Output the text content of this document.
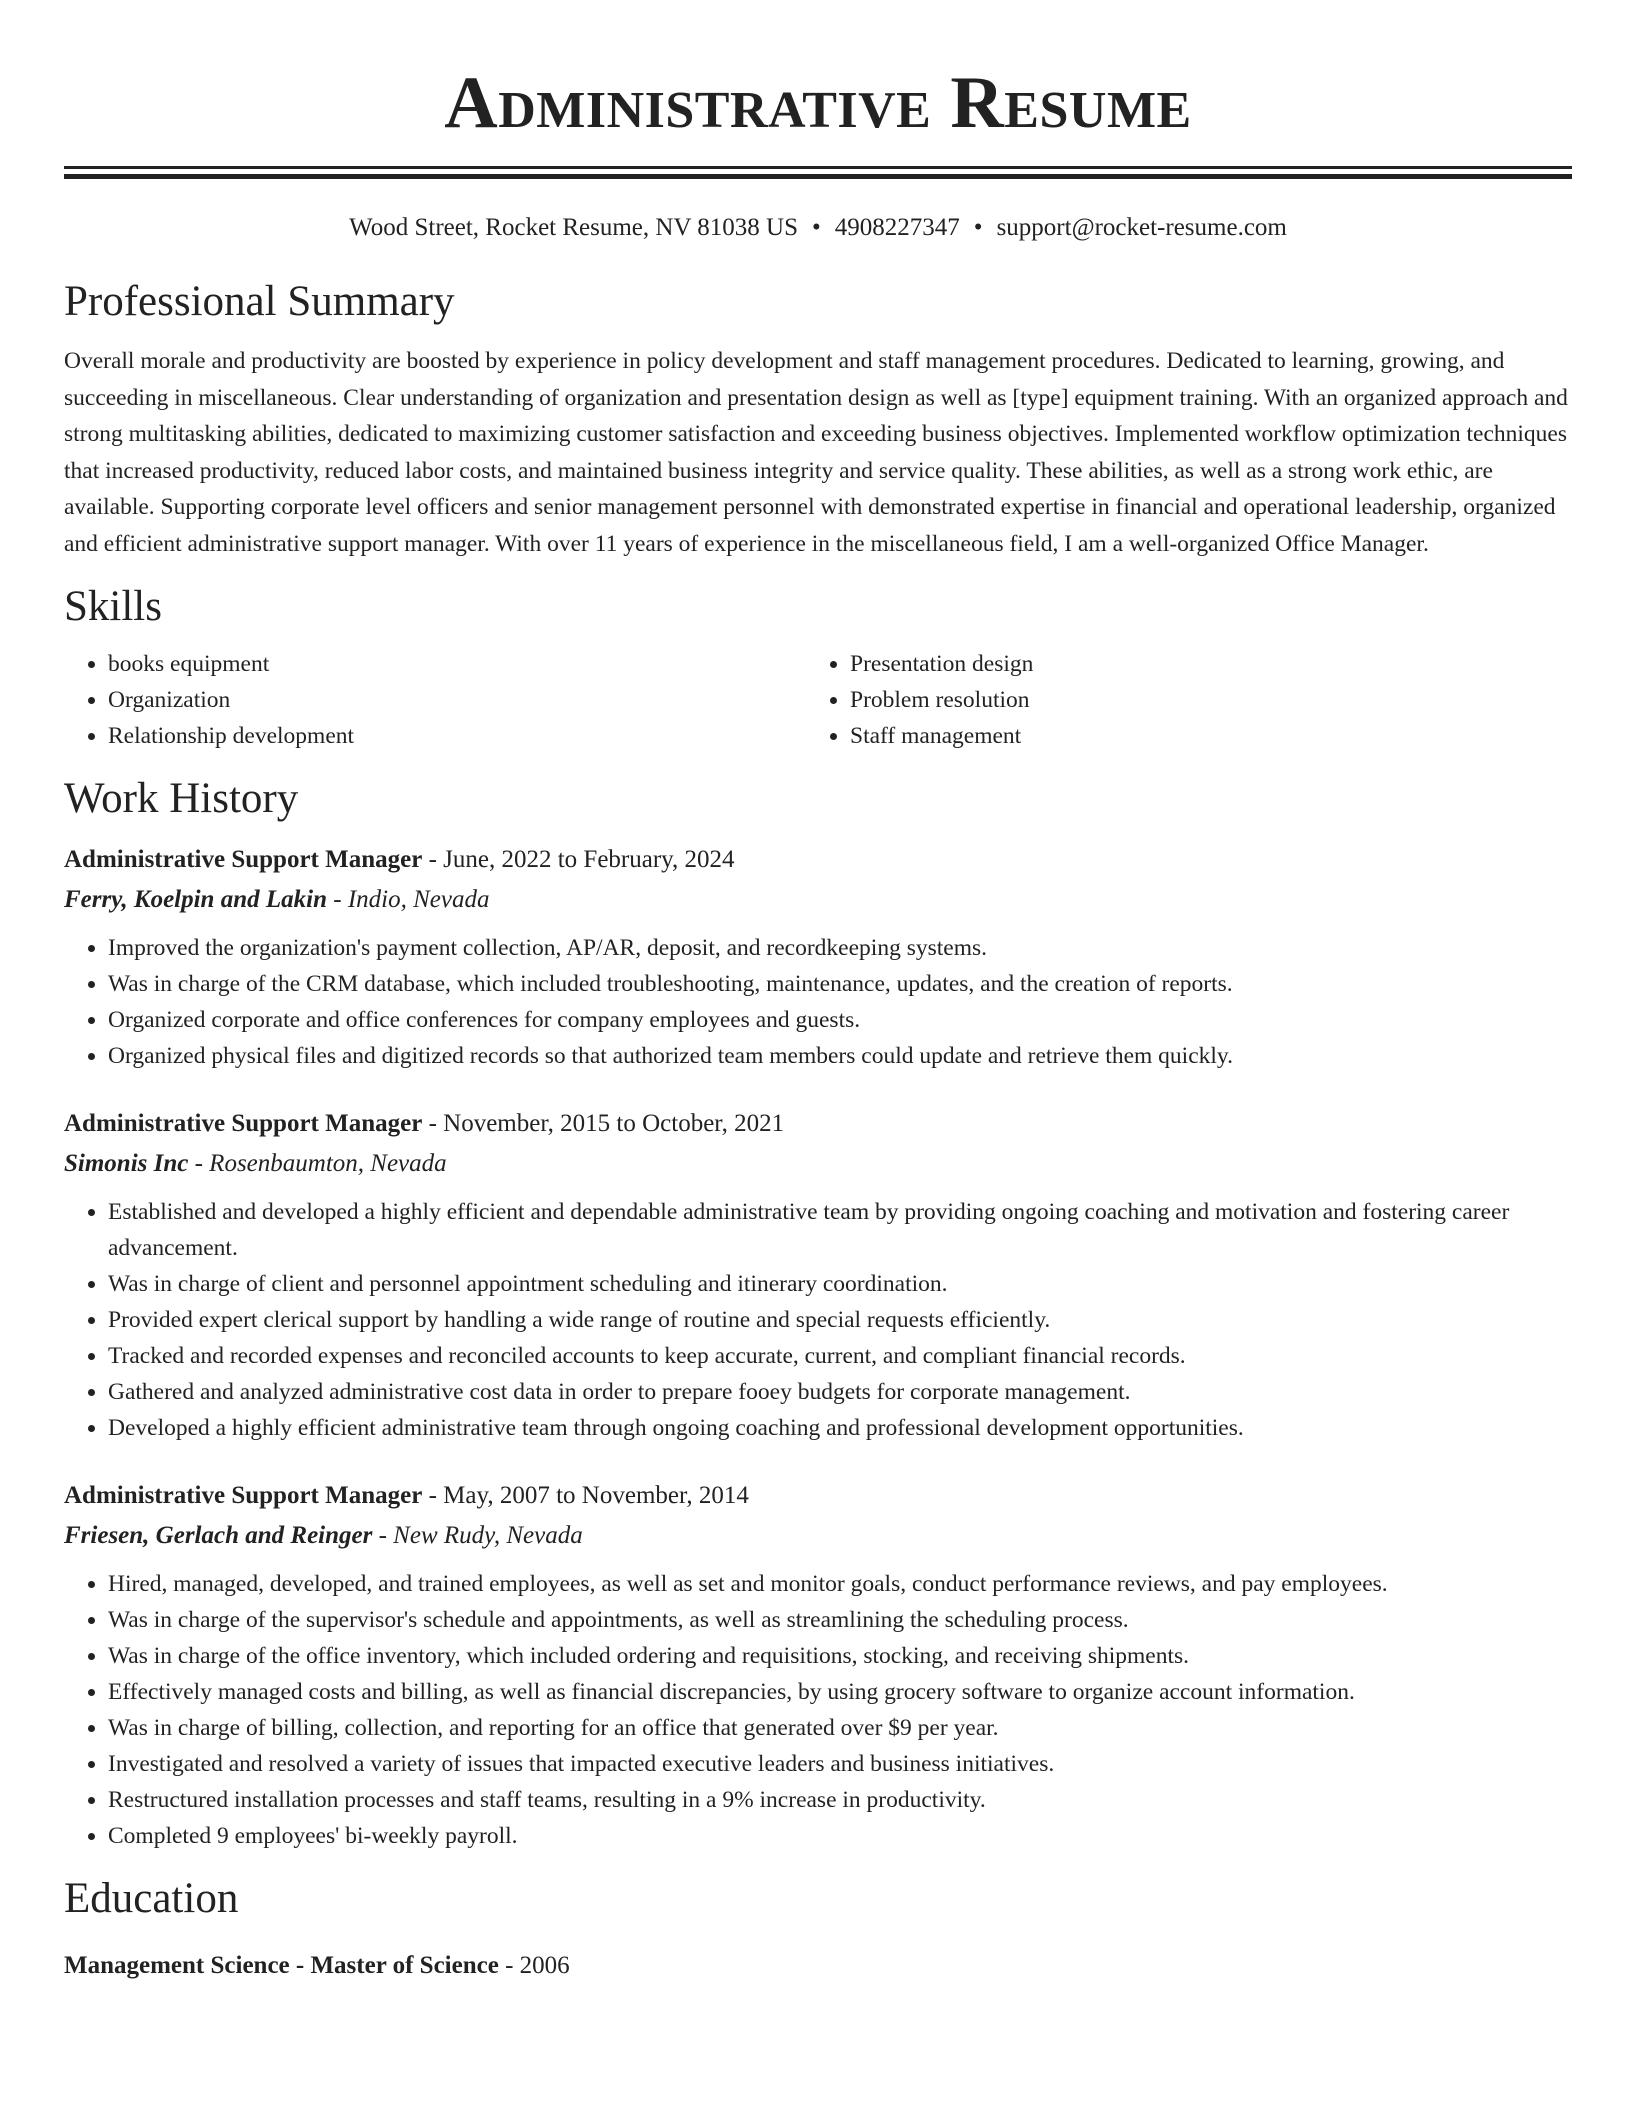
Administrative Resume
Wood Street, Rocket Resume, NV 81038 US • 4908227347 • support@rocket-resume.com
Professional Summary

Overall morale and productivity are boosted by experience in policy development and staff management procedures. Dedicated to learning, growing, and succeeding in miscellaneous. Clear understanding of organization and presentation design as well as [type] equipment training. With an organized approach and strong multitasking abilities, dedicated to maximizing customer satisfaction and exceeding business objectives. Implemented workflow optimization techniques that increased productivity, reduced labor costs, and maintained business integrity and service quality. These abilities, as well as a strong work ethic, are available. Supporting corporate level officers and senior management personnel with demonstrated expertise in financial and operational leadership, organized and efficient administrative support manager. With over 11 years of experience in the miscellaneous field, I am a well-organized Office Manager.

Skills
• books equipment
• Organization
• Relationship development
• Presentation design
• Problem resolution
• Staff management
Work History
Administrative Support Manager - June, 2022 to February, 2024
Ferry, Koelpin and Lakin - Indio, Nevada
• Improved the organization's payment collection, AP/AR, deposit, and recordkeeping systems.
• Was in charge of the CRM database, which included troubleshooting, maintenance, updates, and the creation of reports.
• Organized corporate and office conferences for company employees and guests.
• Organized physical files and digitized records so that authorized team members could update and retrieve them quickly.
Administrative Support Manager - November, 2015 to October, 2021
Simonis Inc - Rosenbaumton, Nevada
• Established and developed a highly efficient and dependable administrative team by providing ongoing coaching and motivation and fostering career advancement.
• Was in charge of client and personnel appointment scheduling and itinerary coordination.
• Provided expert clerical support by handling a wide range of routine and special requests efficiently.
• Tracked and recorded expenses and reconciled accounts to keep accurate, current, and compliant financial records.
• Gathered and analyzed administrative cost data in order to prepare fooey budgets for corporate management.
• Developed a highly efficient administrative team through ongoing coaching and professional development opportunities.
Administrative Support Manager - May, 2007 to November, 2014
Friesen, Gerlach and Reinger - New Rudy, Nevada
• Hired, managed, developed, and trained employees, as well as set and monitor goals, conduct performance reviews, and pay employees.
• Was in charge of the supervisor's schedule and appointments, as well as streamlining the scheduling process.
• Was in charge of the office inventory, which included ordering and requisitions, stocking, and receiving shipments.
• Effectively managed costs and billing, as well as financial discrepancies, by using grocery software to organize account information.
• Was in charge of billing, collection, and reporting for an office that generated over $9 per year.
• Investigated and resolved a variety of issues that impacted executive leaders and business initiatives.
• Restructured installation processes and staff teams, resulting in a 9% increase in productivity.
• Completed 9 employees' bi-weekly payroll.
Education
Management Science - Master of Science - 2006
